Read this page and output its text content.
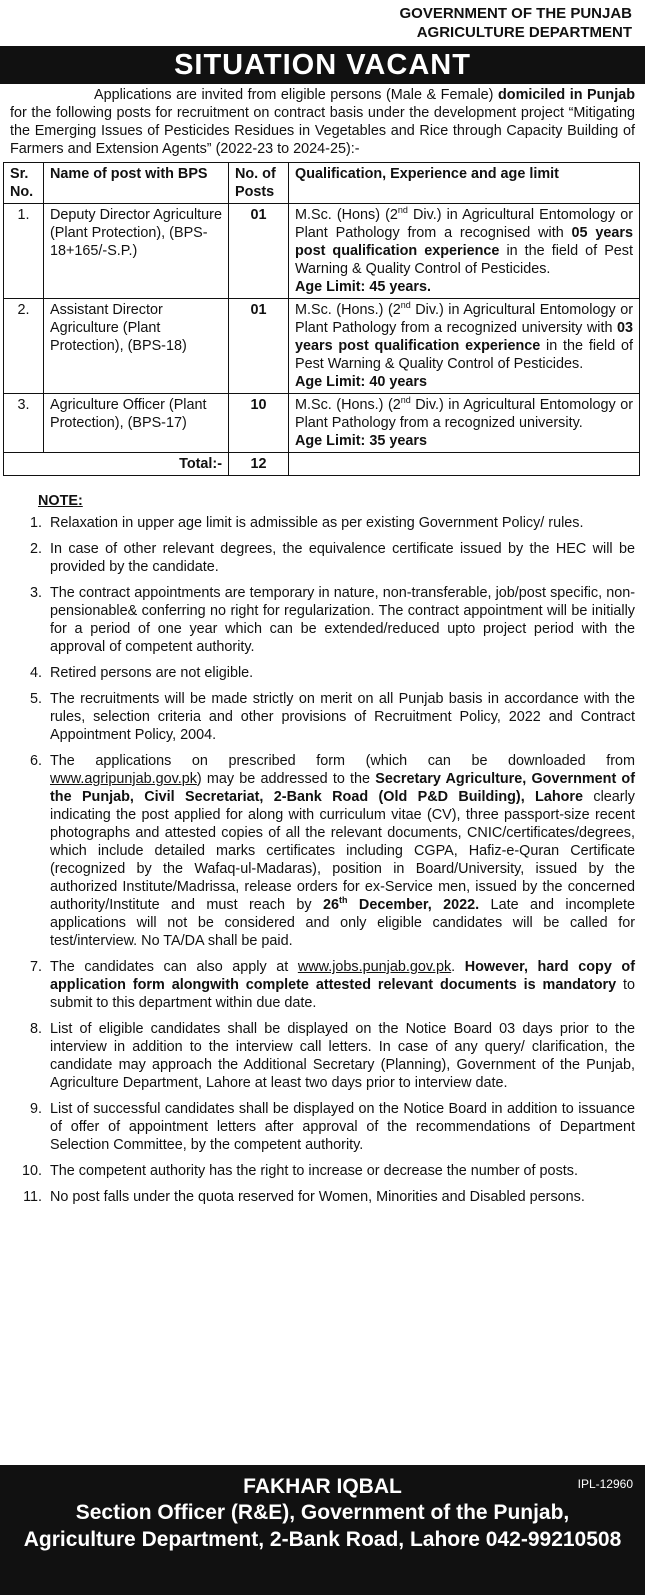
GOVERNMENT OF THE PUNJAB
AGRICULTURE DEPARTMENT
SITUATION VACANT
Applications are invited from eligible persons (Male & Female) domiciled in Punjab for the following posts for recruitment on contract basis under the development project “Mitigating the Emerging Issues of Pesticides Residues in Vegetables and Rice through Capacity Building of Farmers and Extension Agents” (2022-23 to 2024-25):-
Sr. No.	Name of post with BPS	No. of Posts	Qualification, Experience and age limit
1.	Deputy Director Agriculture (Plant Protection), (BPS-18+165/-S.P.)	01	M.Sc. (Hons) (2nd Div.) in Agricultural Entomology or Plant Pathology from a recognised with 05 years post qualification experience in the field of Pest Warning & Quality Control of Pesticides.
Age Limit: 45 years.
2.	Assistant Director Agriculture (Plant Protection), (BPS-18)	01	M.Sc. (Hons.) (2nd Div.) in Agricultural Entomology or Plant Pathology from a recognized university with 03 years post qualification experience in the field of Pest Warning & Quality Control of Pesticides.
Age Limit: 40 years
3.	Agriculture Officer (Plant Protection), (BPS-17)	10	M.Sc. (Hons.) (2nd Div.) in Agricultural Entomology or Plant Pathology from a recognized university.
Age Limit: 35 years
Total:-		12	
NOTE:
1. Relaxation in upper age limit is admissible as per existing Government Policy/ rules.
2. In case of other relevant degrees, the equivalence certificate issued by the HEC will be provided by the candidate.
3. The contract appointments are temporary in nature, non-transferable, job/post specific, non-pensionable& conferring no right for regularization. The contract appointment will be initially for a period of one year which can be extended/reduced upto project period with the approval of competent authority.
4. Retired persons are not eligible.
5. The recruitments will be made strictly on merit on all Punjab basis in accordance with the rules, selection criteria and other provisions of Recruitment Policy, 2022 and Contract Appointment Policy, 2004.
6. The applications on prescribed form (which can be downloaded from www.agripunjab.gov.pk) may be addressed to the Secretary Agriculture, Government of the Punjab, Civil Secretariat, 2-Bank Road (Old P&D Building), Lahore clearly indicating the post applied for along with curriculum vitae (CV), three passport-size recent photographs and attested copies of all the relevant documents, CNIC/certificates/degrees, which include detailed marks certificates including CGPA, Hafiz-e-Quran Certificate (recognized by the Wafaq-ul-Madaras), position in Board/University, issued by the authorized Institute/Madrissa, release orders for ex-Service men, issued by the concerned authority/Institute and must reach by 26th December, 2022. Late and incomplete applications will not be considered and only eligible candidates will be called for test/interview. No TA/DA shall be paid.
7. The candidates can also apply at www.jobs.punjab.gov.pk. However, hard copy of application form alongwith complete attested relevant documents is mandatory to submit to this department within due date.
8. List of eligible candidates shall be displayed on the Notice Board 03 days prior to the interview in addition to the interview call letters. In case of any query/ clarification, the candidate may approach the Additional Secretary (Planning), Government of the Punjab, Agriculture Department, Lahore at least two days prior to interview date.
9. List of successful candidates shall be displayed on the Notice Board in addition to issuance of offer of appointment letters after approval of the recommendations of Department Selection Committee, by the competent authority.
10. The competent authority has the right to increase or decrease the number of posts.
11. No post falls under the quota reserved for Women, Minorities and Disabled persons.
IPL-12960
FAKHAR IQBAL
Section Officer (R&E), Government of the Punjab,
Agriculture Department, 2-Bank Road, Lahore 042-99210508
